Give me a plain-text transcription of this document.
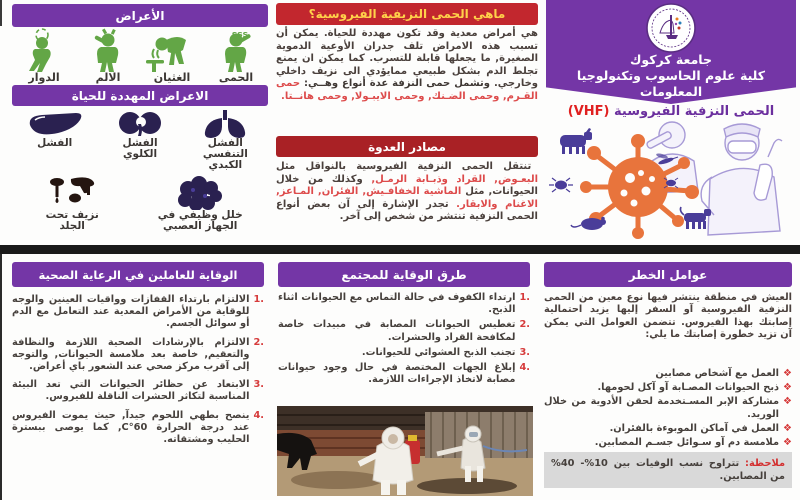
الأعراض
الحمى
الغثيان
الالم
الدوار
الاعراض المهددة للحياة
الفشل
التنفسي
الكبدي
الفشل
الكلوي
الفشل
خلل وظيفي في
الجهاز العصبي
نزيف تحت
الجلد
ماهي الحمى النزيفية الفيروسية؟
هي أمراض معدية وقد تكون مهددة للحياة. يمكن أن تسبب هذه الامراض تلف جدران الأوعية الدموية الصغيرة, ما يجعلها قابلة للتسرب. كما يمكن ان يمنع تجلط الدم بشكل طبيعي ممايؤدي الى نزيف داخلي وخارجي. وتشمل حمى النزفة عدة أنواع وهــي: حمى القـرم, وحمى الضـنك, وحمى الايبـولا, وحمى هانــتا.
مصادر العدوة
تنتقل الحمى النزفية الفيروسية بالنواقل مثل البعـوض, القراد وذبـابة الرمـل, وكذلك من خلال الحيوانات, مثل الماشية الخفافـيش, الفئران, المـاعز, الاغنام والابقار. تجدر الإشارة إلى آن بعض أنواع الحمى النزفية تنتشر من شخص إلى آخر.
جامعة كركوك
كلية علوم الحاسوب وتكنولوجيا
المعلومات
الحمى النزفية الفيروسية (VHF)
الوقاية للعاملين في الرعاية الصحية
1.
الالتزام بارتداء القفازات وواقيات العينين والوجه للوقاية من الأمراض المعدية عند التعامل مع الدم أو سوائل الجسم.
2.
الالتزام بالإرشادات الصحية اللازمة والنظافة والتعقيم, خاصة بعد ملامسة الحيوانات, والتوجه إلى آقرب مركز صحي عند الشعور باي أعراض.
3.
الابتعاد عن حظائر الحيوانات التي تعد البيئة المناسبة لتكاثر الحشرات الناقلة للفيروس.
4.
ينصح بطهي اللحوم جيدآ, حيث يموت الفيروس عند درجة الحرارة 60°C, كما يوصى ببسترة الحليب ومشتقاته.
طرق الوقاية للمجتمع
1.
ارتداء الكفوف في حالة التماس مع الحيوانات اثناء الذبح.
2.
تغطيس الحيوانات المصابة في مبيدات خاصة لمكافحة القراد والحشرات.
3.
تجنب الذبح العشوائي للحيوانات.
4.
إبلاغ الجهات المختصة في حال وجود حيوانات مصابة لاتخاذ الإجراءات اللازمة.
عوامل الخطر
العيش في منطقة ينتشر فيها نوع معين من الحمى النزفية الفيروسية آو السفر إليها يزيد احتمالية إصابتك بهذا الفيروس. تتضمن العوامل التي يمكن آن تزيد خطورة إصابتك ما يلي:
❖
العمل مع آشخاص مصابين
❖
ذبح الحيوانات المصـابة آو آكل لحومها.
❖
مشاركة الإبر المسـتخدمة لحقن الأدوية من خلال الوريد.
❖
العمل في آماكن الموبوءة بالفئران.
❖
ملامسة دم آو سـوائل جسـم المصابين.
ملاحظة: تتراوح نسب الوفيات بين 10%- 40% من المصابين.
